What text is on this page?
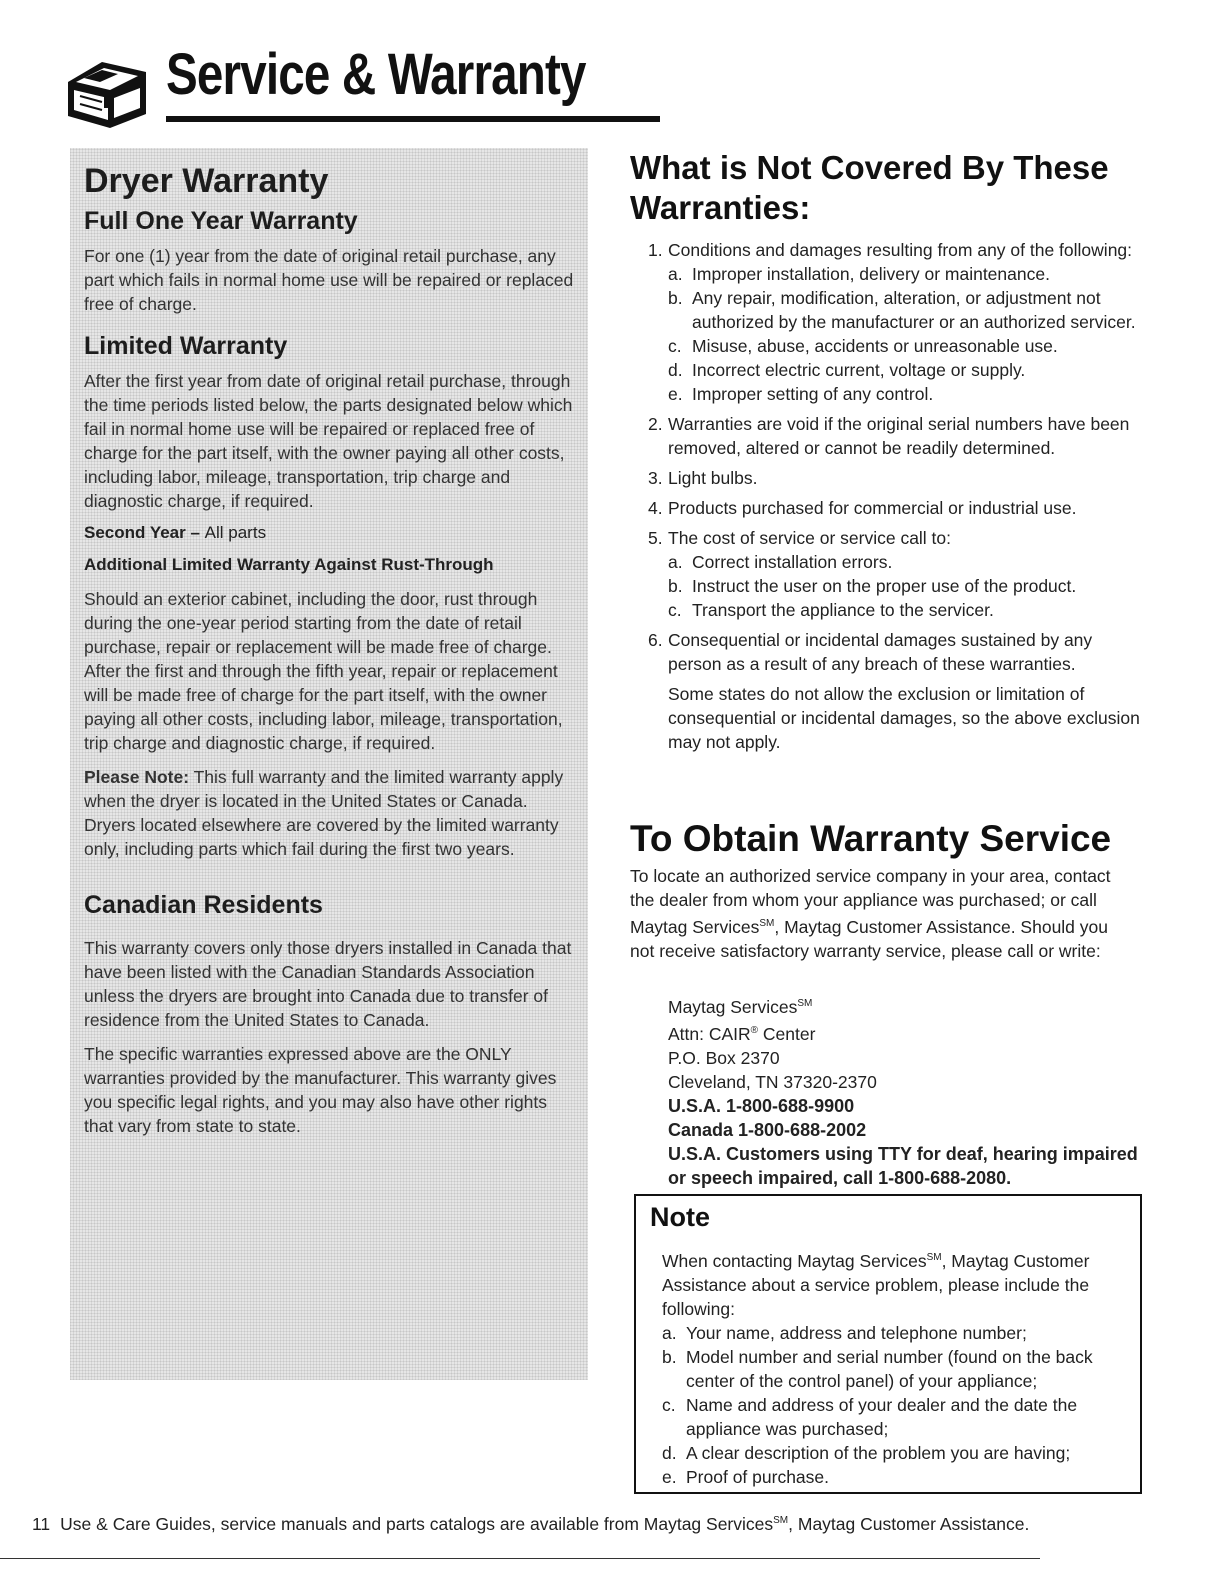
Service & Warranty
Dryer Warranty
Full One Year Warranty

For one (1) year from the date of original retail purchase, any part which fails in normal home use will be repaired or replaced free of charge.

Limited Warranty

After the first year from date of original retail purchase, through the time periods listed below, the parts designated below which fail in normal home use will be repaired or replaced free of charge for the part itself, with the owner paying all other costs, including labor, mileage, transportation, trip charge and diagnostic charge, if required.

Second Year – All parts
Additional Limited Warranty Against Rust-Through

Should an exterior cabinet, including the door, rust through during the one-year period starting from the date of retail purchase, repair or replacement will be made free of charge. After the first and through the fifth year, repair or replacement will be made free of charge for the part itself, with the owner paying all other costs, including labor, mileage, transportation, trip charge and diagnostic charge, if required.

Please Note: This full warranty and the limited warranty apply when the dryer is located in the United States or Canada. Dryers located elsewhere are covered by the limited warranty only, including parts which fail during the first two years.

Canadian Residents

This warranty covers only those dryers installed in Canada that have been listed with the Canadian Standards Association unless the dryers are brought into Canada due to transfer of residence from the United States to Canada.

The specific warranties expressed above are the ONLY warranties provided by the manufacturer. This warranty gives you specific legal rights, and you may also have other rights that vary from state to state.

What is Not Covered By These Warranties:
1. Conditions and damages resulting from any of the following:
a. Improper installation, delivery or maintenance.
b. Any repair, modification, alteration, or adjustment not authorized by the manufacturer or an authorized servicer.
c. Misuse, abuse, accidents or unreasonable use.
d. Incorrect electric current, voltage or supply.
e. Improper setting of any control.
2. Warranties are void if the original serial numbers have been removed, altered or cannot be readily determined.
3. Light bulbs.
4. Products purchased for commercial or industrial use.
5. The cost of service or service call to:
a. Correct installation errors.
b. Instruct the user on the proper use of the product.
c. Transport the appliance to the servicer.
6. Consequential or incidental damages sustained by any person as a result of any breach of these warranties.

Some states do not allow the exclusion or limitation of consequential or incidental damages, so the above exclusion may not apply.

To Obtain Warranty Service
To locate an authorized service company in your area, contact the dealer from whom your appliance was purchased; or call Maytag Services℠, Maytag Customer Assistance. Should you not receive satisfactory warranty service, please call or write:
Maytag Services℠
Attn: CAIR® Center
P.O. Box 2370
Cleveland, TN 37320-2370
U.S.A. 1-800-688-9900
Canada 1-800-688-2002
U.S.A. Customers using TTY for deaf, hearing impaired or speech impaired, call 1-800-688-2080.
Note
When contacting Maytag Services℠, Maytag Customer Assistance about a service problem, please include the following:
a. Your name, address and telephone number;
b. Model number and serial number (found on the back center of the control panel) of your appliance;
c. Name and address of your dealer and the date the appliance was purchased;
d. A clear description of the problem you are having;
e. Proof of purchase.
11 Use & Care Guides, service manuals and parts catalogs are available from Maytag Services℠, Maytag Customer Assistance.
